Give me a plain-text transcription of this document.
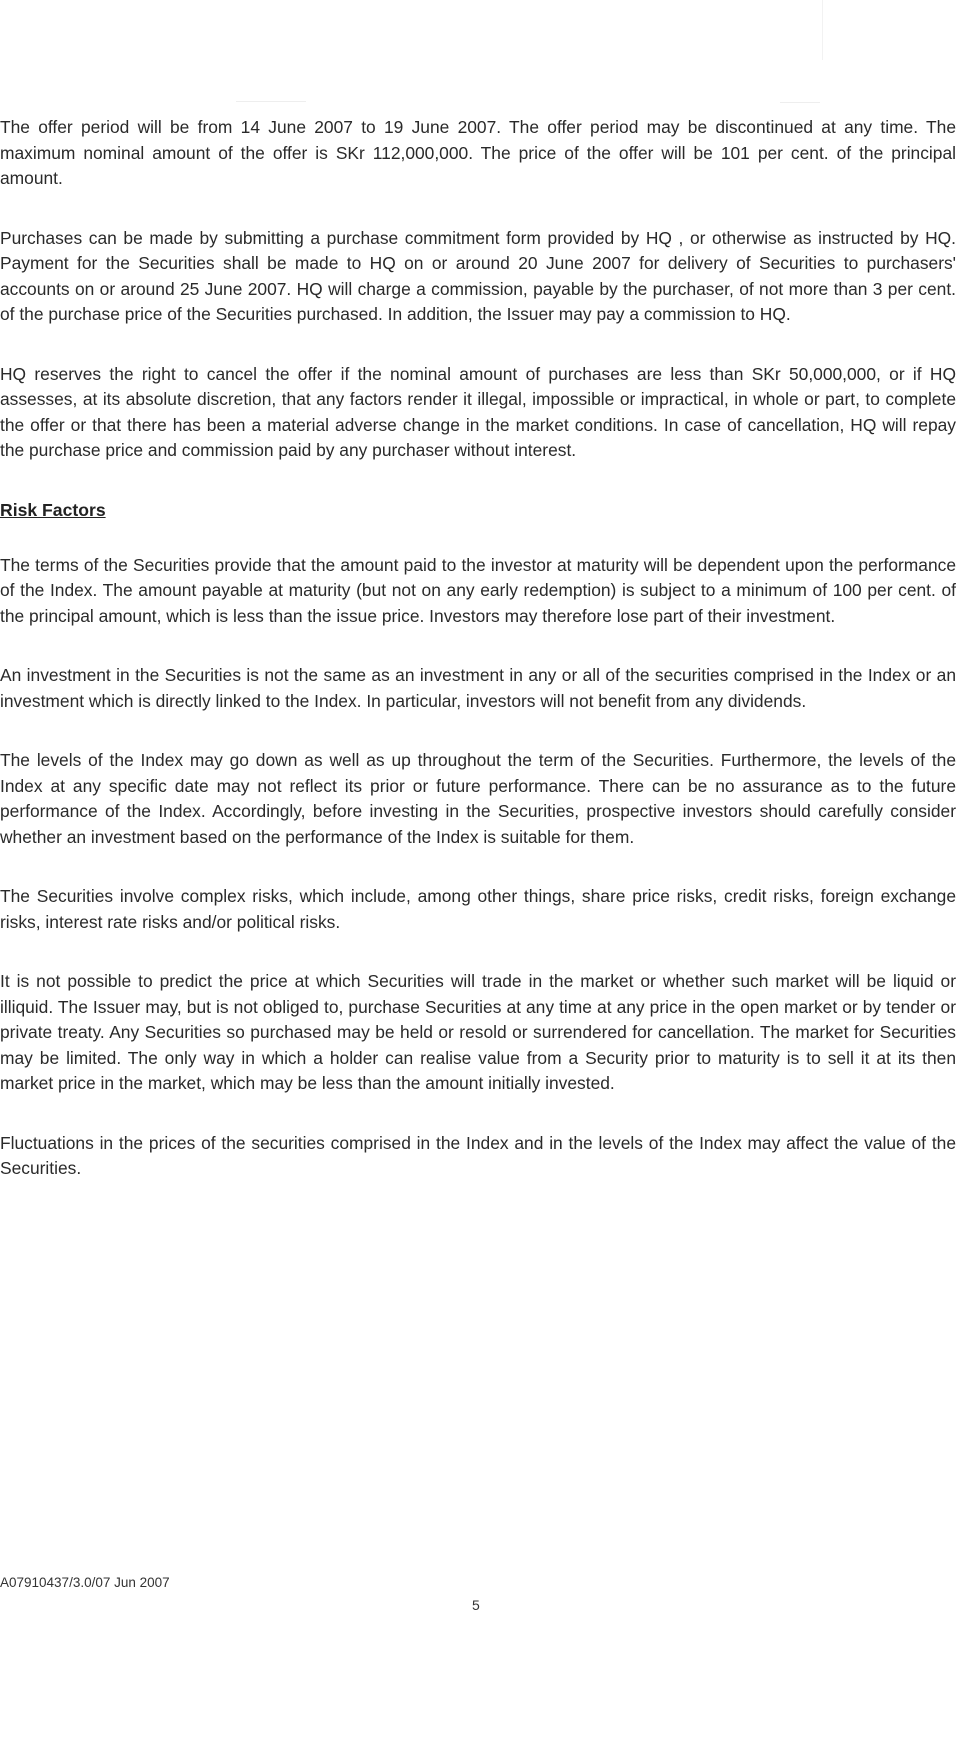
The offer period will be from 14 June 2007 to 19 June 2007. The offer period may be discontinued at any time. The maximum nominal amount of the offer is SKr 112,000,000. The price of the offer will be 101 per cent. of the principal amount.

Purchases can be made by submitting a purchase commitment form provided by HQ , or otherwise as instructed by HQ. Payment for the Securities shall be made to HQ on or around 20 June 2007 for delivery of Securities to purchasers' accounts on or around 25 June 2007. HQ will charge a commission, payable by the purchaser, of not more than 3 per cent. of the purchase price of the Securities purchased. In addition, the Issuer may pay a commission to HQ.

HQ reserves the right to cancel the offer if the nominal amount of purchases are less than SKr 50,000,000, or if HQ assesses, at its absolute discretion, that any factors render it illegal, impossible or impractical, in whole or part, to complete the offer or that there has been a material adverse change in the market conditions. In case of cancellation, HQ will repay the purchase price and commission paid by any purchaser without interest.

Risk Factors

The terms of the Securities provide that the amount paid to the investor at maturity will be dependent upon the performance of the Index. The amount payable at maturity (but not on any early redemption) is subject to a minimum of 100 per cent. of the principal amount, which is less than the issue price. Investors may therefore lose part of their investment.

An investment in the Securities is not the same as an investment in any or all of the securities comprised in the Index or an investment which is directly linked to the Index. In particular, investors will not benefit from any dividends.

The levels of the Index may go down as well as up throughout the term of the Securities. Furthermore, the levels of the Index at any specific date may not reflect its prior or future performance. There can be no assurance as to the future performance of the Index. Accordingly, before investing in the Securities, prospective investors should carefully consider whether an investment based on the performance of the Index is suitable for them.

The Securities involve complex risks, which include, among other things, share price risks, credit risks, foreign exchange risks, interest rate risks and/or political risks.

It is not possible to predict the price at which Securities will trade in the market or whether such market will be liquid or illiquid. The Issuer may, but is not obliged to, purchase Securities at any time at any price in the open market or by tender or private treaty. Any Securities so purchased may be held or resold or surrendered for cancellation. The market for Securities may be limited. The only way in which a holder can realise value from a Security prior to maturity is to sell it at its then market price in the market, which may be less than the amount initially invested.

Fluctuations in the prices of the securities comprised in the Index and in the levels of the Index may affect the value of the Securities.

A07910437/3.0/07 Jun 2007
5
